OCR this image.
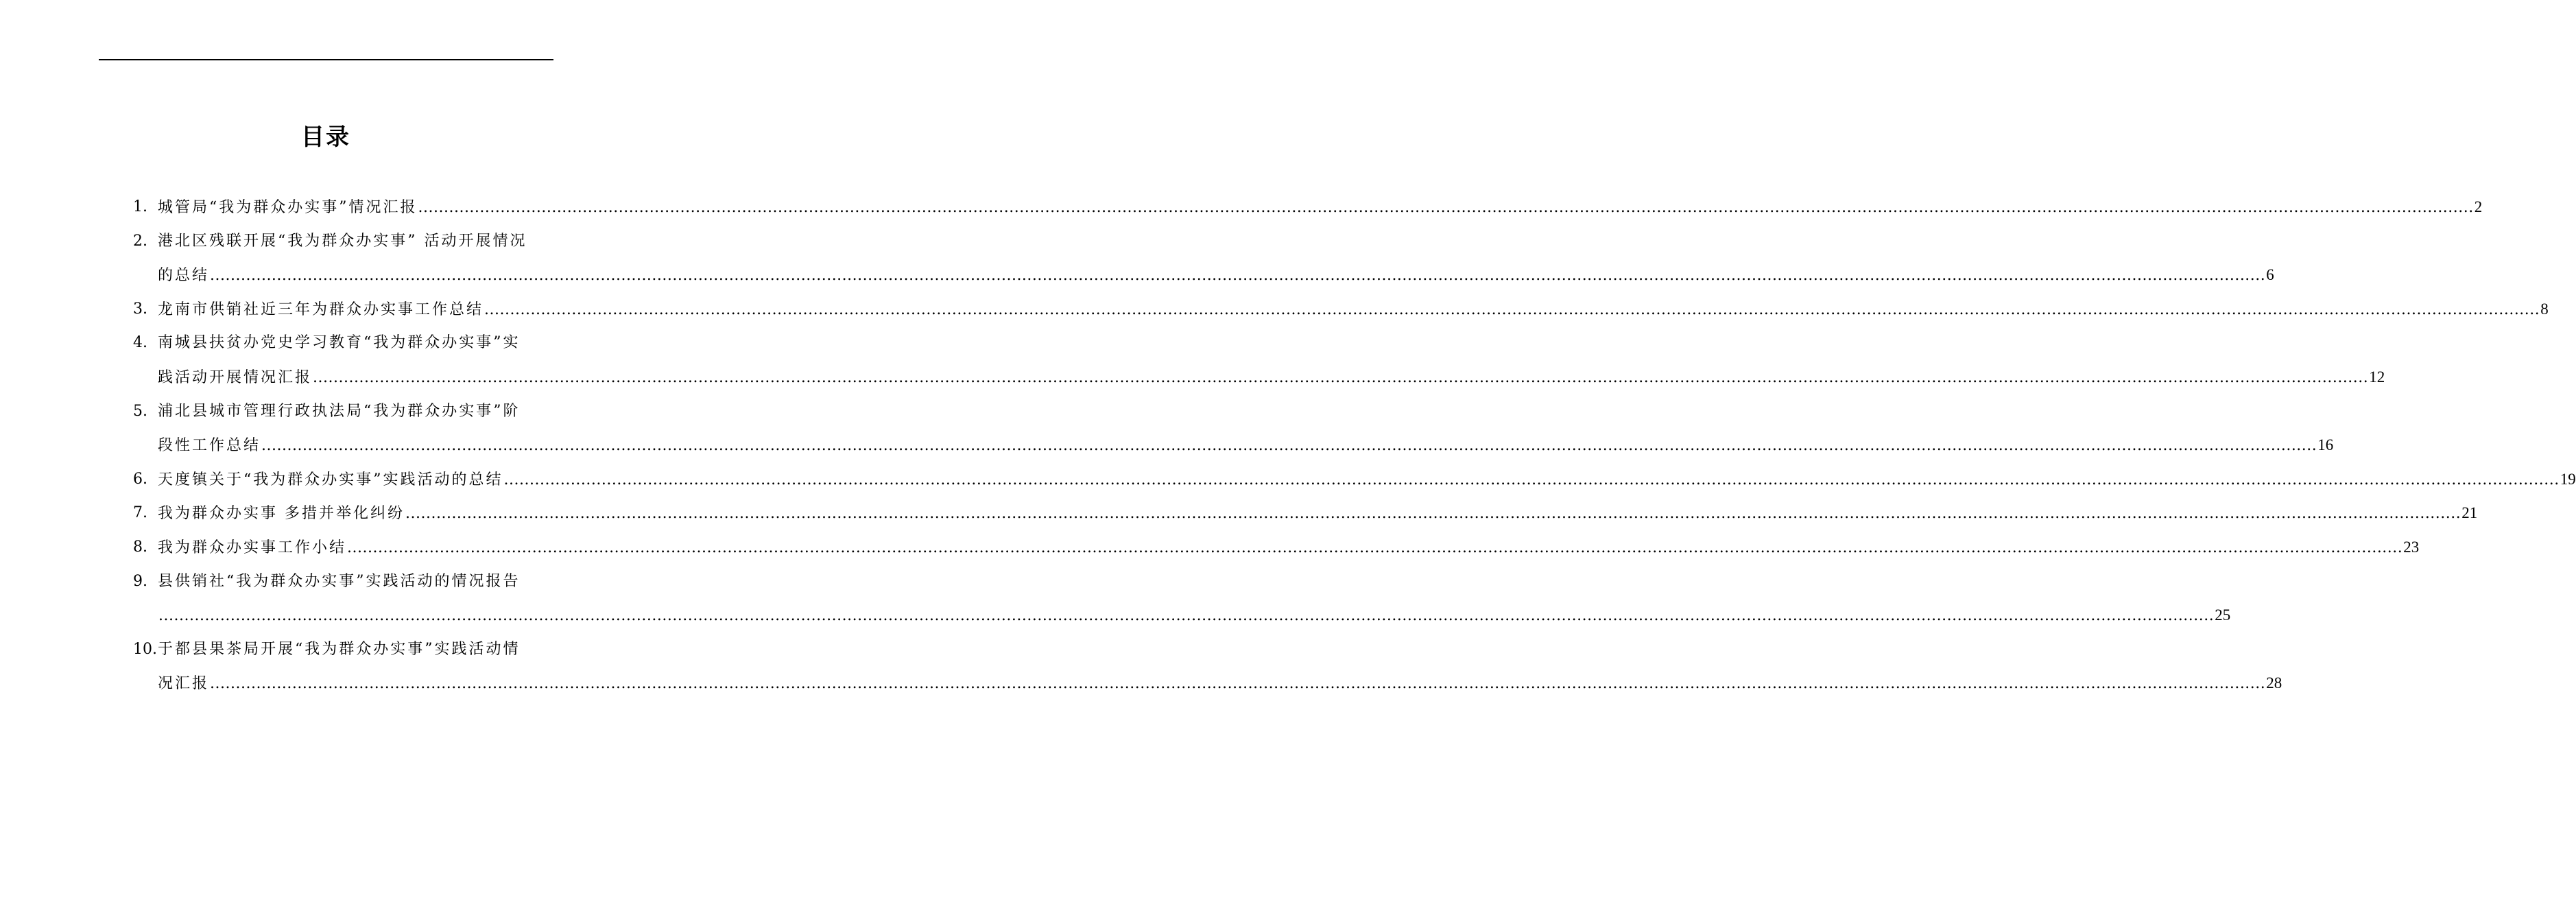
目录
1. 城管局“我为群众办实事”情况汇报 ................................................................................................................................................................................................................................................................................................................................................................................................................ 2
2. 港北区残联开展“我为群众办实事” 活动开展情况
的总结 ................................................................................................................................................................................................................................................................................................................................................................................................................ 6
3. 龙南市供销社近三年为群众办实事工作总结 ................................................................................................................................................................................................................................................................................................................................................................................................................ 8
4. 南城县扶贫办党史学习教育“我为群众办实事”实
践活动开展情况汇报 ................................................................................................................................................................................................................................................................................................................................................................................................................ 12
5. 浦北县城市管理行政执法局“我为群众办实事”阶
段性工作总结 ................................................................................................................................................................................................................................................................................................................................................................................................................ 16
6. 天度镇关于“我为群众办实事”实践活动的总结 ................................................................................................................................................................................................................................................................................................................................................................................................................ 19
7. 我为群众办实事 多措并举化纠纷 ................................................................................................................................................................................................................................................................................................................................................................................................................ 21
8. 我为群众办实事工作小结 ................................................................................................................................................................................................................................................................................................................................................................................................................ 23
9. 县供销社“我为群众办实事”实践活动的情况报告
................................................................................................................................................................................................................................................................................................................................................................................................................ 25
10. 于都县果茶局开展“我为群众办实事”实践活动情
况汇报 ................................................................................................................................................................................................................................................................................................................................................................................................................ 28
